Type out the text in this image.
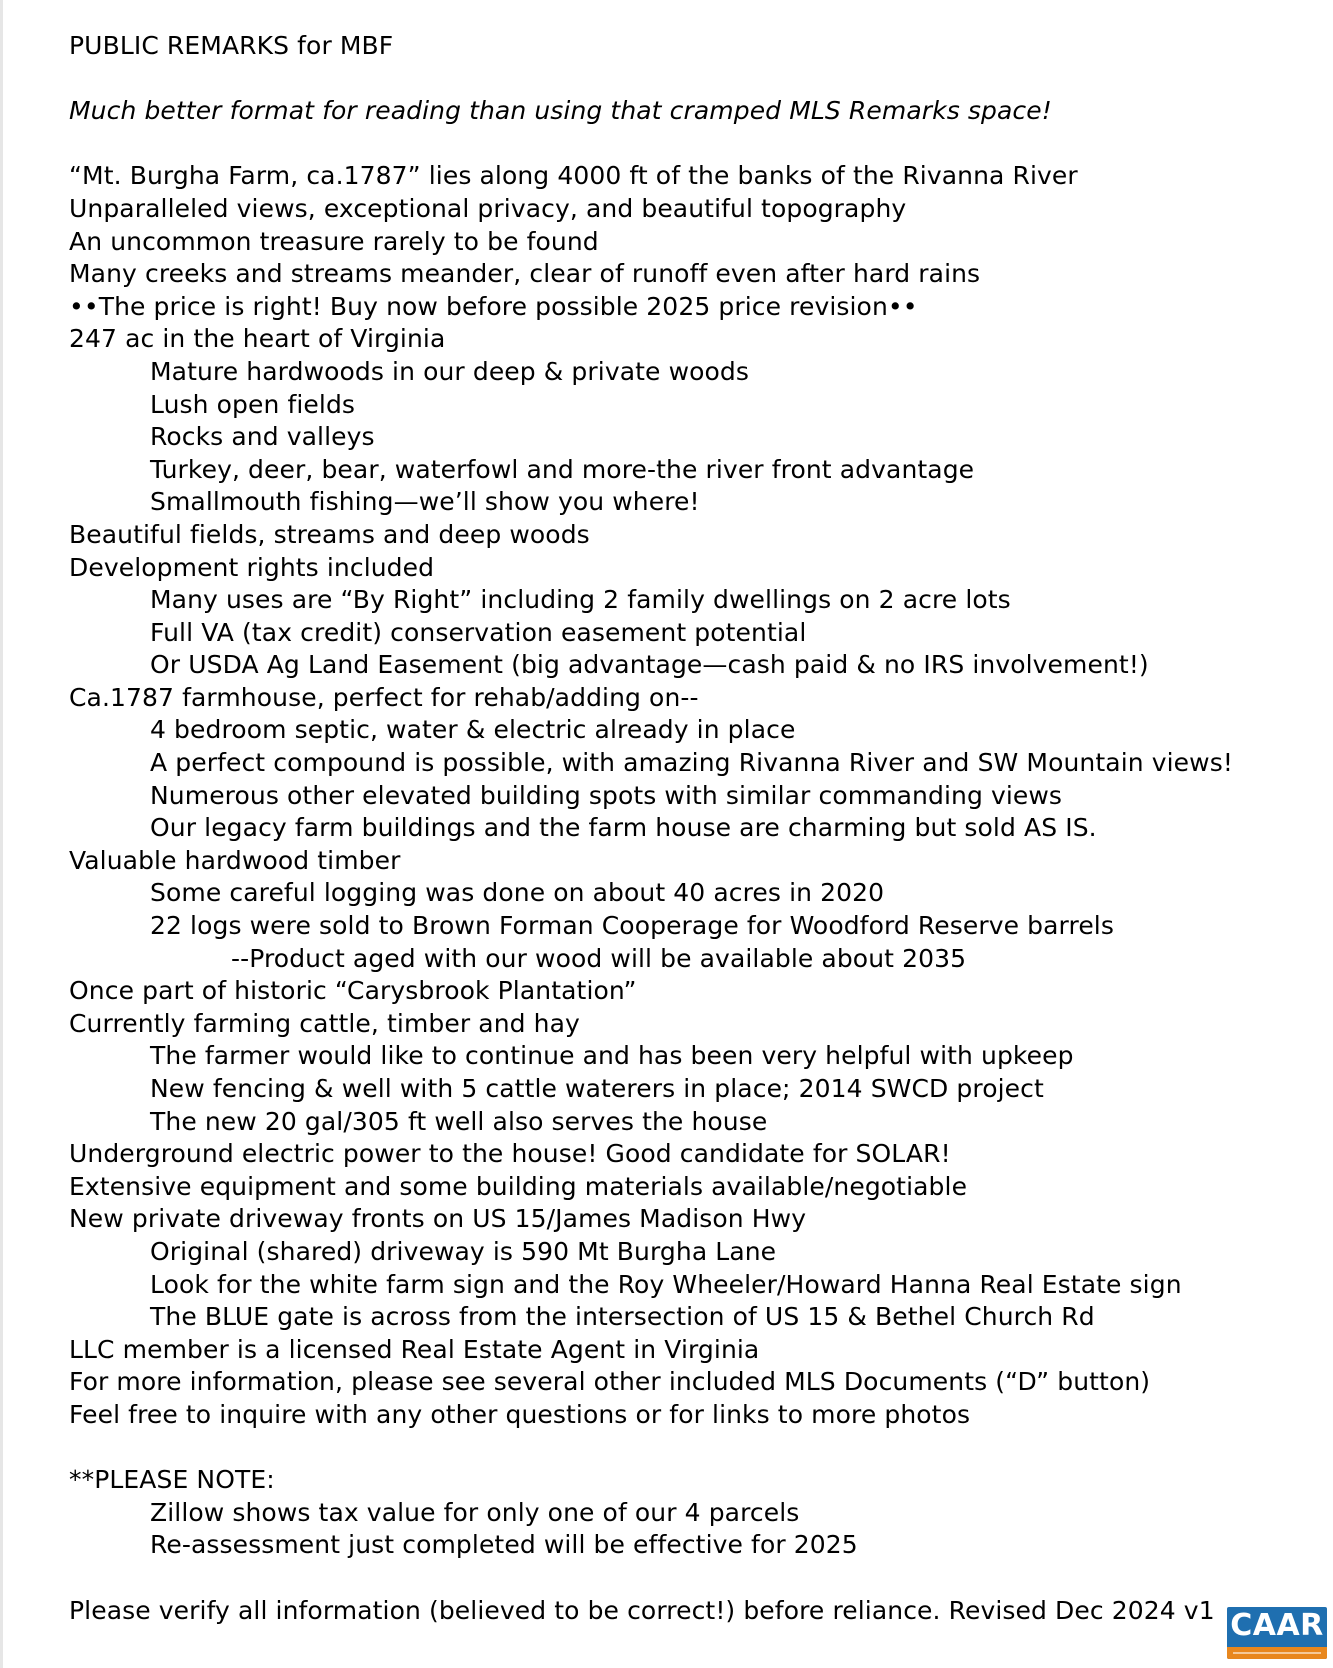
PUBLIC REMARKS for MBF
Much better format for reading than using that cramped MLS Remarks space!
“Mt. Burgha Farm, ca.1787” lies along 4000 ft of the banks of the Rivanna River
Unparalleled views, exceptional privacy, and beautiful topography
An uncommon treasure rarely to be found
Many creeks and streams meander, clear of runoff even after hard rains
••The price is right! Buy now before possible 2025 price revision••
247 ac in the heart of Virginia
Mature hardwoods in our deep & private woods
Lush open fields
Rocks and valleys
Turkey, deer, bear, waterfowl and more-the river front advantage
Smallmouth fishing—we’ll show you where!
Beautiful fields, streams and deep woods
Development rights included
Many uses are “By Right” including 2 family dwellings on 2 acre lots
Full VA (tax credit) conservation easement potential
Or USDA Ag Land Easement (big advantage—cash paid & no IRS involvement!)
Ca.1787 farmhouse, perfect for rehab/adding on--
4 bedroom septic, water & electric already in place
A perfect compound is possible, with amazing Rivanna River and SW Mountain views!
Numerous other elevated building spots with similar commanding views
Our legacy farm buildings and the farm house are charming but sold AS IS.
Valuable hardwood timber
Some careful logging was done on about 40 acres in 2020
22 logs were sold to Brown Forman Cooperage for Woodford Reserve barrels
--Product aged with our wood will be available about 2035
Once part of historic “Carysbrook Plantation”
Currently farming cattle, timber and hay
The farmer would like to continue and has been very helpful with upkeep
New fencing & well with 5 cattle waterers in place; 2014 SWCD project
The new 20 gal/305 ft well also serves the house
Underground electric power to the house! Good candidate for SOLAR!
Extensive equipment and some building materials available/negotiable
New private driveway fronts on US 15/James Madison Hwy
Original (shared) driveway is 590 Mt Burgha Lane
Look for the white farm sign and the Roy Wheeler/Howard Hanna Real Estate sign
The BLUE gate is across from the intersection of US 15 & Bethel Church Rd
LLC member is a licensed Real Estate Agent in Virginia
For more information, please see several other included MLS Documents (“D” button)
Feel free to inquire with any other questions or for links to more photos
**PLEASE NOTE:
Zillow shows tax value for only one of our 4 parcels
Re-assessment just completed will be effective for 2025
Please verify all information (believed to be correct!) before reliance. Revised Dec 2024 v1 CAAR
